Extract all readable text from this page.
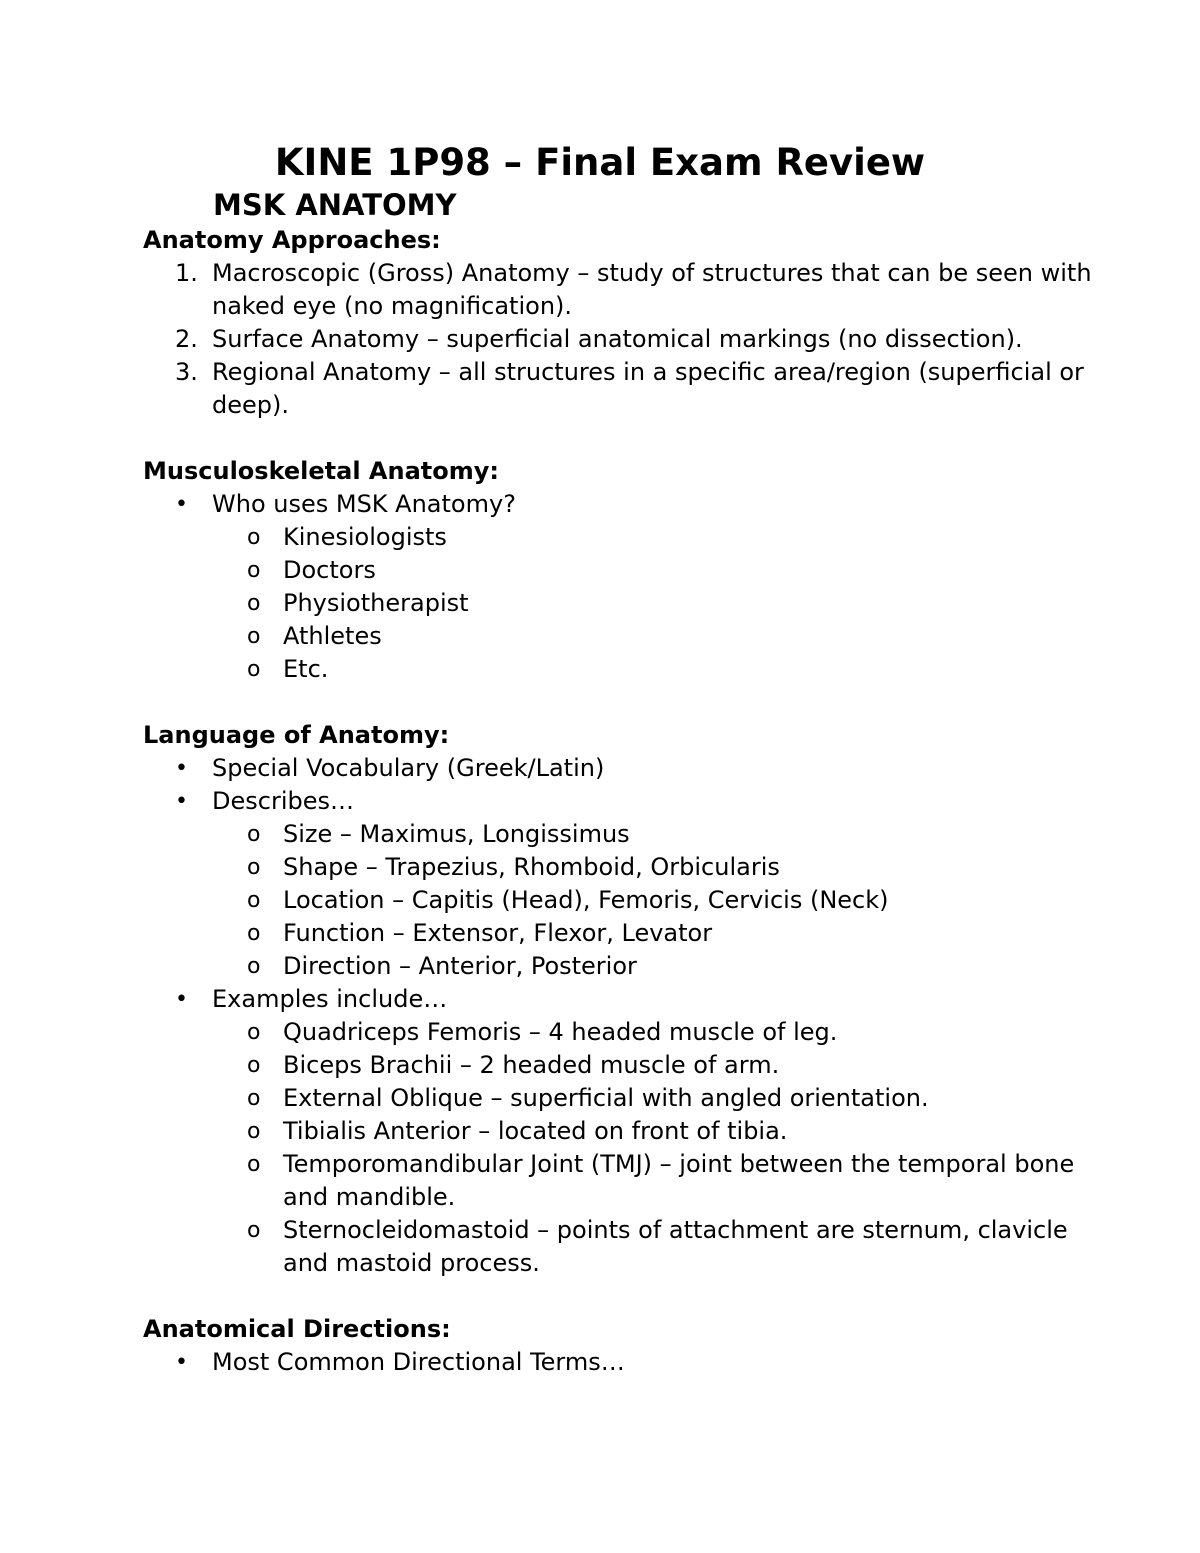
KINE 1P98 – Final Exam Review
MSK ANATOMY
Anatomy Approaches:
1. Macroscopic (Gross) Anatomy – study of structures that can be seen with naked eye (no magnification).
2. Surface Anatomy – superficial anatomical markings (no dissection).
3. Regional Anatomy – all structures in a specific area/region (superficial or deep).
Musculoskeletal Anatomy:
•	Who uses MSK Anatomy?
o Kinesiologists
o Doctors
o Physiotherapist
o Athletes
o Etc.
Language of Anatomy:
•	Special Vocabulary (Greek/Latin)
•	Describes…
o Size – Maximus, Longissimus
o Shape – Trapezius, Rhomboid, Orbicularis
o Location – Capitis (Head), Femoris, Cervicis (Neck)
o Function – Extensor, Flexor, Levator
o Direction – Anterior, Posterior
•	Examples include…
o Quadriceps Femoris – 4 headed muscle of leg.
o Biceps Brachii – 2 headed muscle of arm.
o External Oblique – superficial with angled orientation.
o Tibialis Anterior – located on front of tibia.
o Temporomandibular Joint (TMJ) – joint between the temporal bone and mandible.
o Sternocleidomastoid – points of attachment are sternum, clavicle and mastoid process.
Anatomical Directions:
•	Most Common Directional Terms…
